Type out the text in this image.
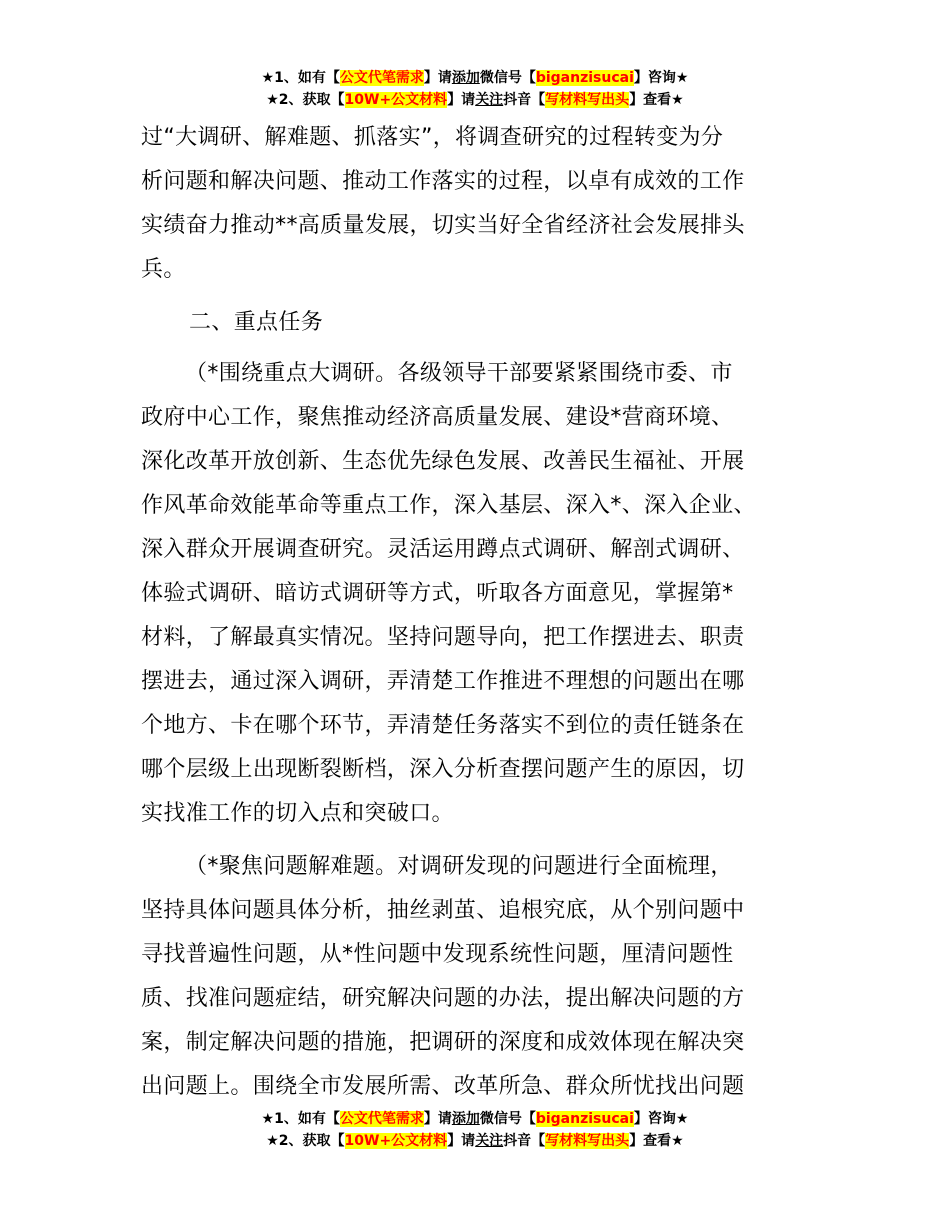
★1、如有【公文代笔需求】请添加微信号【biganzisucai】咨询★
★2、获取【10W+公文材料】请关注抖音【写材料写出头】查看★

过“大调研、解难题、抓落实”，将调查研究的过程转变为分
析问题和解决问题、推动工作落实的过程，以卓有成效的工作
实绩奋力推动**高质量发展，切实当好全省经济社会发展排头
兵。

二、重点任务

（*围绕重点大调研。各级领导干部要紧紧围绕市委、市
政府中心工作，聚焦推动经济高质量发展、建设*营商环境、
深化改革开放创新、生态优先绿色发展、改善民生福祉、开展
作风革命效能革命等重点工作，深入基层、深入*、深入企业、
深入群众开展调查研究。灵活运用蹲点式调研、解剖式调研、
体验式调研、暗访式调研等方式，听取各方面意见，掌握第*
材料，了解最真实情况。坚持问题导向，把工作摆进去、职责
摆进去，通过深入调研，弄清楚工作推进不理想的问题出在哪
个地方、卡在哪个环节，弄清楚任务落实不到位的责任链条在
哪个层级上出现断裂断档，深入分析查摆问题产生的原因，切
实找准工作的切入点和突破口。

（*聚焦问题解难题。对调研发现的问题进行全面梳理，
坚持具体问题具体分析，抽丝剥茧、追根究底，从个别问题中
寻找普遍性问题，从*性问题中发现系统性问题，厘清问题性
质、找准问题症结，研究解决问题的办法，提出解决问题的方
案，制定解决问题的措施，把调研的深度和成效体现在解决突
出问题上。围绕全市发展所需、改革所急、群众所忧找出问题

★1、如有【公文代笔需求】请添加微信号【biganzisucai】咨询★
★2、获取【10W+公文材料】请关注抖音【写材料写出头】查看★
